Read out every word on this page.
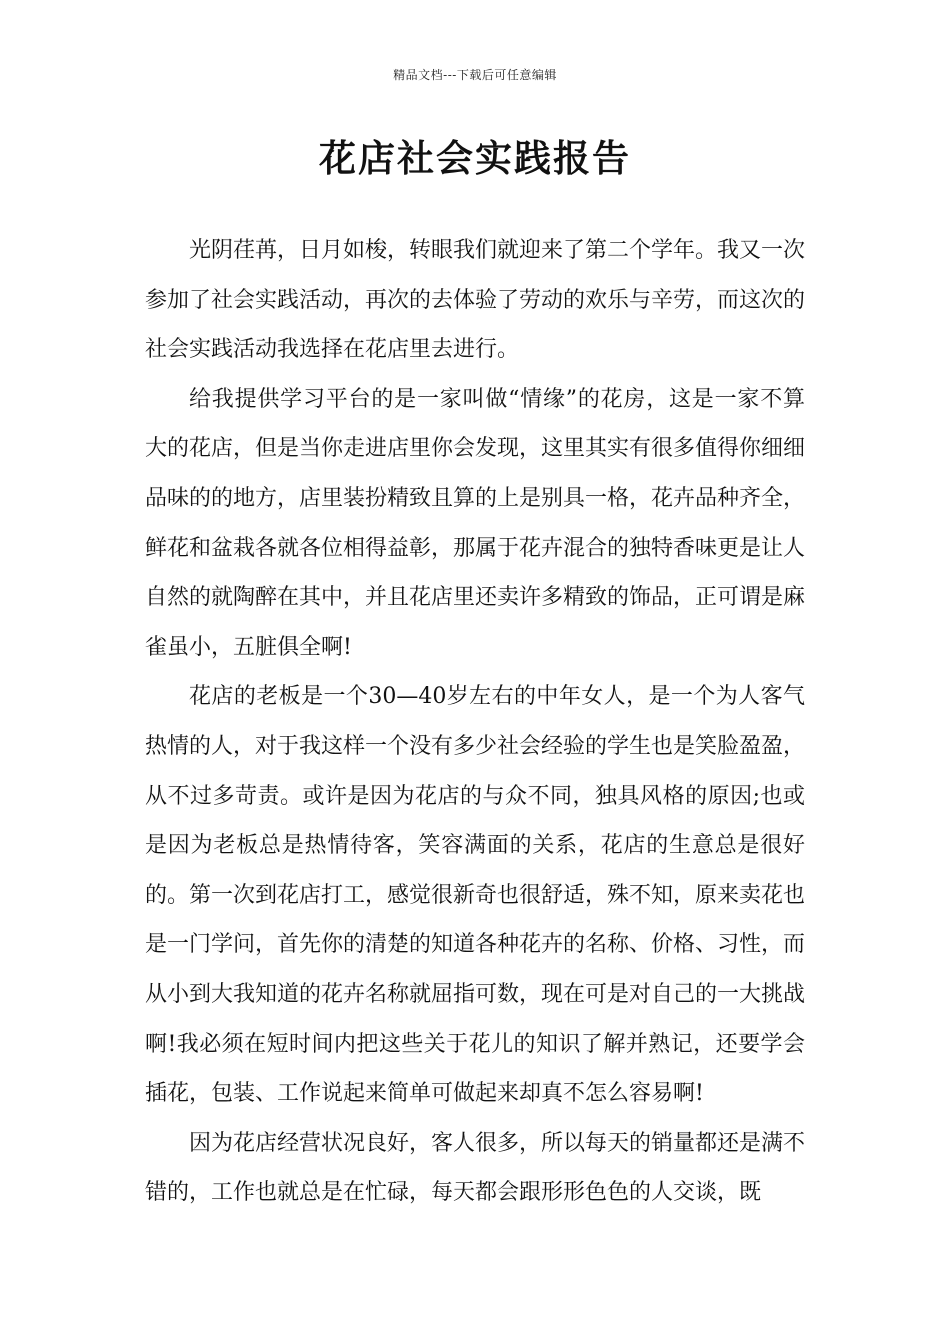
精品文档---下载后可任意编辑
花店社会实践报告

光阴荏苒，日月如梭，转眼我们就迎来了第二个学年。我又一次参加了社会实践活动，再次的去体验了劳动的欢乐与辛劳，而这次的社会实践活动我选择在花店里去进行。

给我提供学习平台的是一家叫做“情缘”的花房，这是一家不算大的花店，但是当你走进店里你会发现，这里其实有很多值得你细细品味的的地方，店里装扮精致且算的上是别具一格，花卉品种齐全，鲜花和盆栽各就各位相得益彰，那属于花卉混合的独特香味更是让人自然的就陶醉在其中，并且花店里还卖许多精致的饰品，正可谓是麻雀虽小，五脏俱全啊!

花店的老板是一个30—40岁左右的中年女人，是一个为人客气热情的人，对于我这样一个没有多少社会经验的学生也是笑脸盈盈，从不过多苛责。或许是因为花店的与众不同，独具风格的原因;也或是因为老板总是热情待客，笑容满面的关系，花店的生意总是很好的。第一次到花店打工，感觉很新奇也很舒适，殊不知，原来卖花也是一门学问，首先你的清楚的知道各种花卉的名称、价格、习性，而从小到大我知道的花卉名称就屈指可数，现在可是对自己的一大挑战啊!我必须在短时间内把这些关于花儿的知识了解并熟记，还要学会插花，包装、工作说起来简单可做起来却真不怎么容易啊!

因为花店经营状况良好，客人很多，所以每天的销量都还是满不错的，工作也就总是在忙碌，每天都会跟形形色色的人交谈，既
